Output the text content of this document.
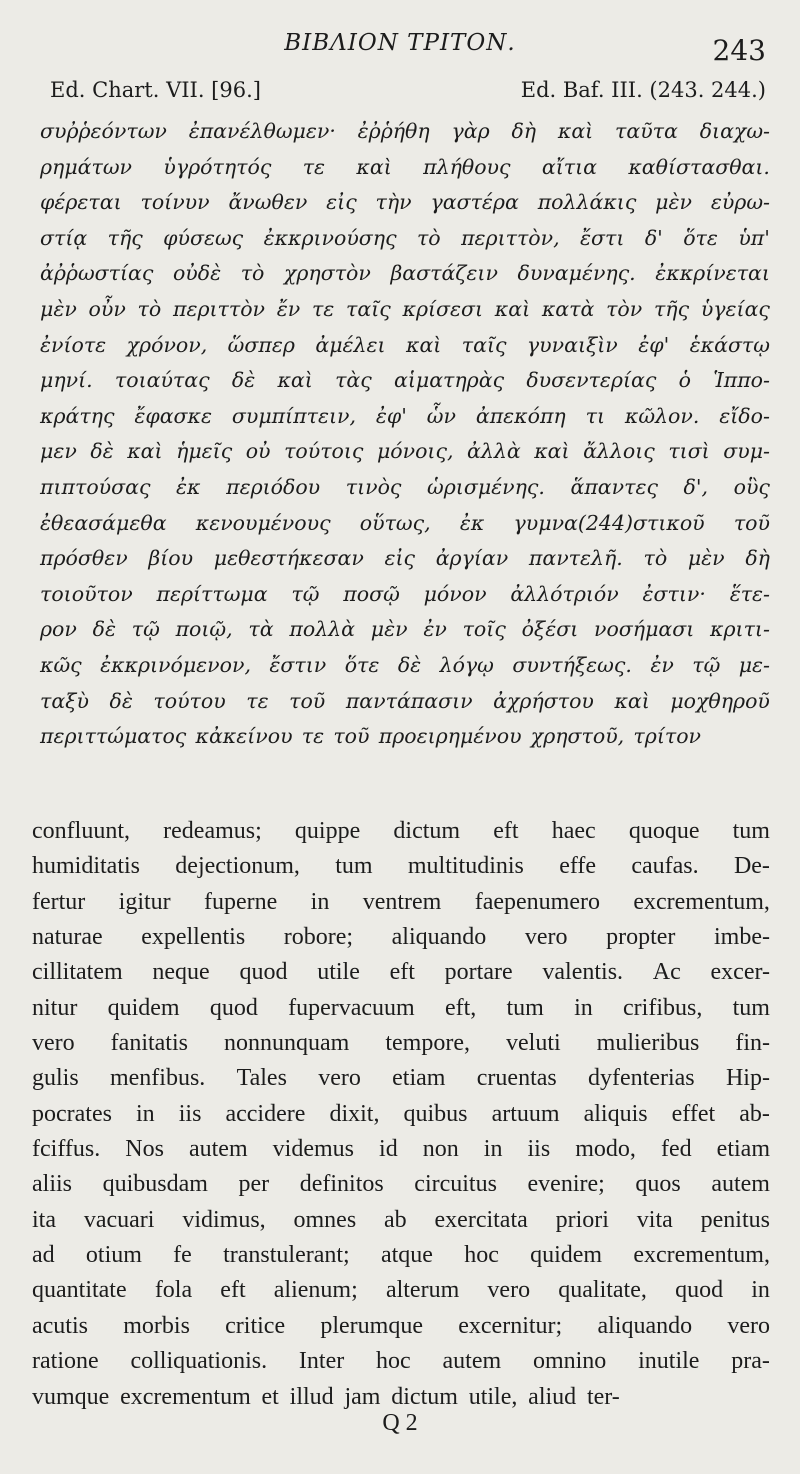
ΒΙΒΛΙΟΝ ΤΡΙΤΟΝ.	243
Ed. Chart. VII. [96.]	Ed. Baf. III. (243. 244.)
συῤῥεόντων ἐπανέλθωμεν· ἐῤῥήθη γὰρ δὴ καὶ ταῦτα διαχω-
ρημάτων ὑγρότητός τε καὶ πλήθους αἴτια καθίστασθαι.
φέρεται τοίνυν ἄνωθεν εἰς τὴν γαστέρα πολλάκις μὲν εὐρω-
στίᾳ τῆς φύσεως ἐκκρινούσης τὸ περιττὸν, ἔστι δ' ὅτε ὑπ'
ἀῤῥωστίας οὐδὲ τὸ χρηστὸν βαστάζειν δυναμένης. ἐκκρίνεται
μὲν οὖν τὸ περιττὸν ἔν τε ταῖς κρίσεσι καὶ κατὰ τὸν τῆς ὑγείας
ἐνίοτε χρόνον, ὥσπερ ἀμέλει καὶ ταῖς γυναιξὶν ἐφ' ἑκάστῳ
μηνί. τοιαύτας δὲ καὶ τὰς αἱματηρὰς δυσεντερίας ὁ Ἱππο-
κράτης ἔφασκε συμπίπτειν, ἐφ' ὧν ἀπεκόπη τι κῶλον. εἴδο-
μεν δὲ καὶ ἡμεῖς οὐ τούτοις μόνοις, ἀλλὰ καὶ ἄλλοις τισὶ συμ-
πιπτούσας ἐκ περιόδου τινὸς ὡρισμένης. ἅπαντες δ', οὓς
ἐθεασάμεθα κενουμένους οὕτως, ἐκ γυμνα(244)στικοῦ τοῦ
πρόσθεν βίου μεθεστήκεσαν εἰς ἀργίαν παντελῆ. τὸ μὲν δὴ
τοιοῦτον περίττωμα τῷ ποσῷ μόνον ἀλλότριόν ἐστιν· ἕτε-
ρον δὲ τῷ ποιῷ, τὰ πολλὰ μὲν ἐν τοῖς ὀξέσι νοσήμασι κριτι-
κῶς ἐκκρινόμενον, ἔστιν ὅτε δὲ λόγῳ συντήξεως. ἐν τῷ με-
ταξὺ δὲ τούτου τε τοῦ παντάπασιν ἀχρήστου καὶ μοχθηροῦ
περιττώματος κἀκείνου τε τοῦ προειρημένου χρηστοῦ, τρίτον
confluunt, redeamus; quippe dictum eft haec quoque tum
humiditatis dejectionum, tum multitudinis effe caufas. De-
fertur igitur fuperne in ventrem faepenumero excrementum,
naturae expellentis robore; aliquando vero propter imbe-
cillitatem neque quod utile eft portare valentis. Ac excer-
nitur quidem quod fupervacuum eft, tum in crifibus, tum
vero fanitatis nonnunquam tempore, veluti mulieribus fin-
gulis menfibus. Tales vero etiam cruentas dyfenterias Hip-
pocrates in iis accidere dixit, quibus artuum aliquis effet ab-
fciffus. Nos autem videmus id non in iis modo, fed etiam
aliis quibusdam per definitos circuitus evenire; quos autem
ita vacuari vidimus, omnes ab exercitata priori vita penitus
ad otium fe transtulerant; atque hoc quidem excrementum,
quantitate fola eft alienum; alterum vero qualitate, quod in
acutis morbis critice plerumque excernitur; aliquando vero
ratione colliquationis. Inter hoc autem omnino inutile pra-
vumque excrementum et illud jam dictum utile, aliud ter-
Q 2
